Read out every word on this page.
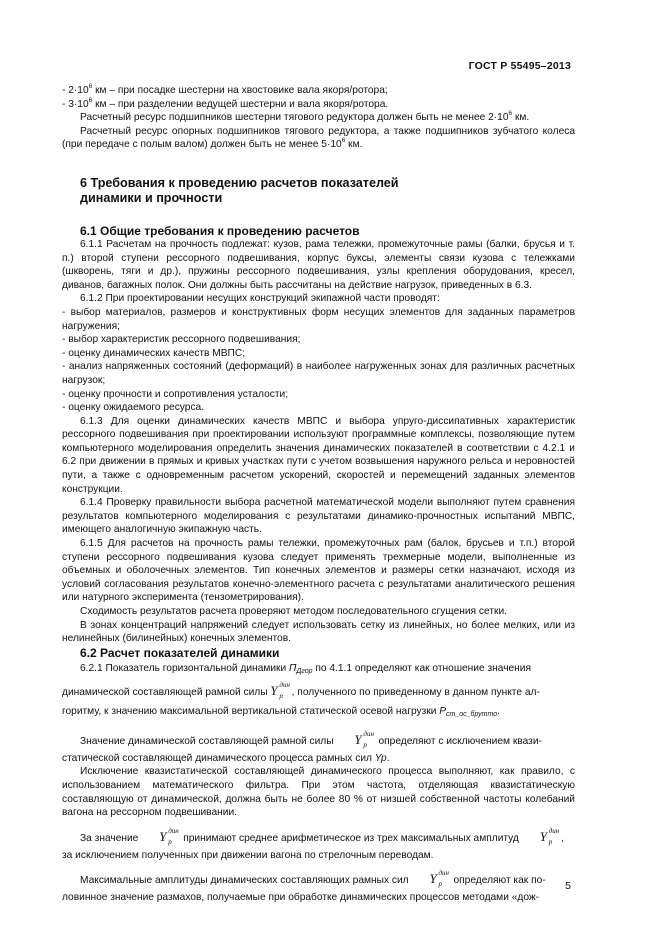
ГОСТ Р 55495–2013

- $2\cdot 10^6$ км – при посадке шестерни на хвостовике вала якоря/ротора;

- $3\cdot 10^6$ км – при разделении ведущей шестерни и вала якоря/ротора.

Расчетный ресурс подшипников шестерни тягового редуктора должен быть не менее $2\cdot 10^6$ км.

Расчетный ресурс опорных подшипников тягового редуктора, а также подшипников зубчатого колеса (при передаче с полым валом) должен быть не менее $5\cdot 10^6$ км.

6 Требования к проведению расчетов показателей
динамики и прочности
6.1 Общие требования к проведению расчетов

6.1.1 Расчетам на прочность подлежат: кузов, рама тележки, промежуточные рамы (балки, брусья и т. п.) второй ступени рессорного подвешивания, корпус буксы, элементы связи кузова с тележками (шкворень, тяги и др.), пружины рессорного подвешивания, узлы крепления оборудования, кресел, диванов, багажных полок. Они должны быть рассчитаны на действие нагрузок, приведенных в 6.3.

6.1.2 При проектировании несущих конструкций экипажной части проводят:

- выбор материалов, размеров и конструктивных форм несущих элементов для заданных параметров нагружения;

- выбор характеристик рессорного подвешивания;

- оценку динамических качеств МВПС;

- анализ напряженных состояний (деформаций) в наиболее нагруженных зонах для различных расчетных нагрузок;

- оценку прочности и сопротивления усталости;

- оценку ожидаемого ресурса.

6.1.3 Для оценки динамических качеств МВПС и выбора упруго-диссипативных характеристик рессорного подвешивания при проектировании используют программные комплексы, позволяющие путем компьютерного моделирования определить значения динамических показателей в соответствии с 4.2.1 и 6.2 при движении в прямых и кривых участках пути с учетом возвышения наружного рельса и неровностей пути, а также с одновременным расчетом ускорений, скоростей и перемещений заданных элементов конструкции.

6.1.4 Проверку правильности выбора расчетной математической модели выполняют путем сравнения результатов компьютерного моделирования с результатами динамико-прочностных испытаний МВПС, имеющего аналогичную экипажную часть.

6.1.5 Для расчетов на прочность рамы тележки, промежуточных рам (балок, брусьев и т.п.) второй ступени рессорного подвешивания кузова следует применять трехмерные модели, выполненные из объемных и оболочечных элементов. Тип конечных элементов и размеры сетки назначают, исходя из условий согласования результатов конечно-элементного расчета с результатами аналитического решения или натурного эксперимента (тензометрирования).

Сходимость результатов расчета проверяют методом последовательного сгущения сетки.

В зонах концентраций напряжений следует использовать сетку из линейных, но более мелких, или из нелинейных (билинейных) конечных элементов.

6.2 Расчет показателей динамики

6.2.1 Показатель горизонтальной динамики $П_{Дгор}$ по 4.1.1 определяют как отношение значения

динамической составляющей рамной силы Y дин
p , полученного по приведенному в данном пункте ал-

горитму, к значению максимальной вертикальной статической осевой нагрузки $P_{ст\_ос\_брутто}$.

Значение динамической составляющей рамной силы Y дин
p определяют с исключением квази-

статической составляющей динамического процесса рамных сил Yp.

Исключение квазистатической составляющей динамического процесса выполняют, как правило, с использованием математического фильтра. При этом частота, отделяющая квазистатическую составляющую от динамической, должна быть не более 80 % от низшей собственной частоты колебаний вагона на рессорном подвешивании.

За значение Y дин
p принимают среднее арифметическое из трех максимальных амплитуд Y дин
p ,

за исключением полученных при движении вагона по стрелочным переводам.

Максимальные амплитуды динамических составляющих рамных сил Y дин
p определяют как по-

ловинное значение размахов, получаемые при обработке динамических процессов методами «дож-

5
